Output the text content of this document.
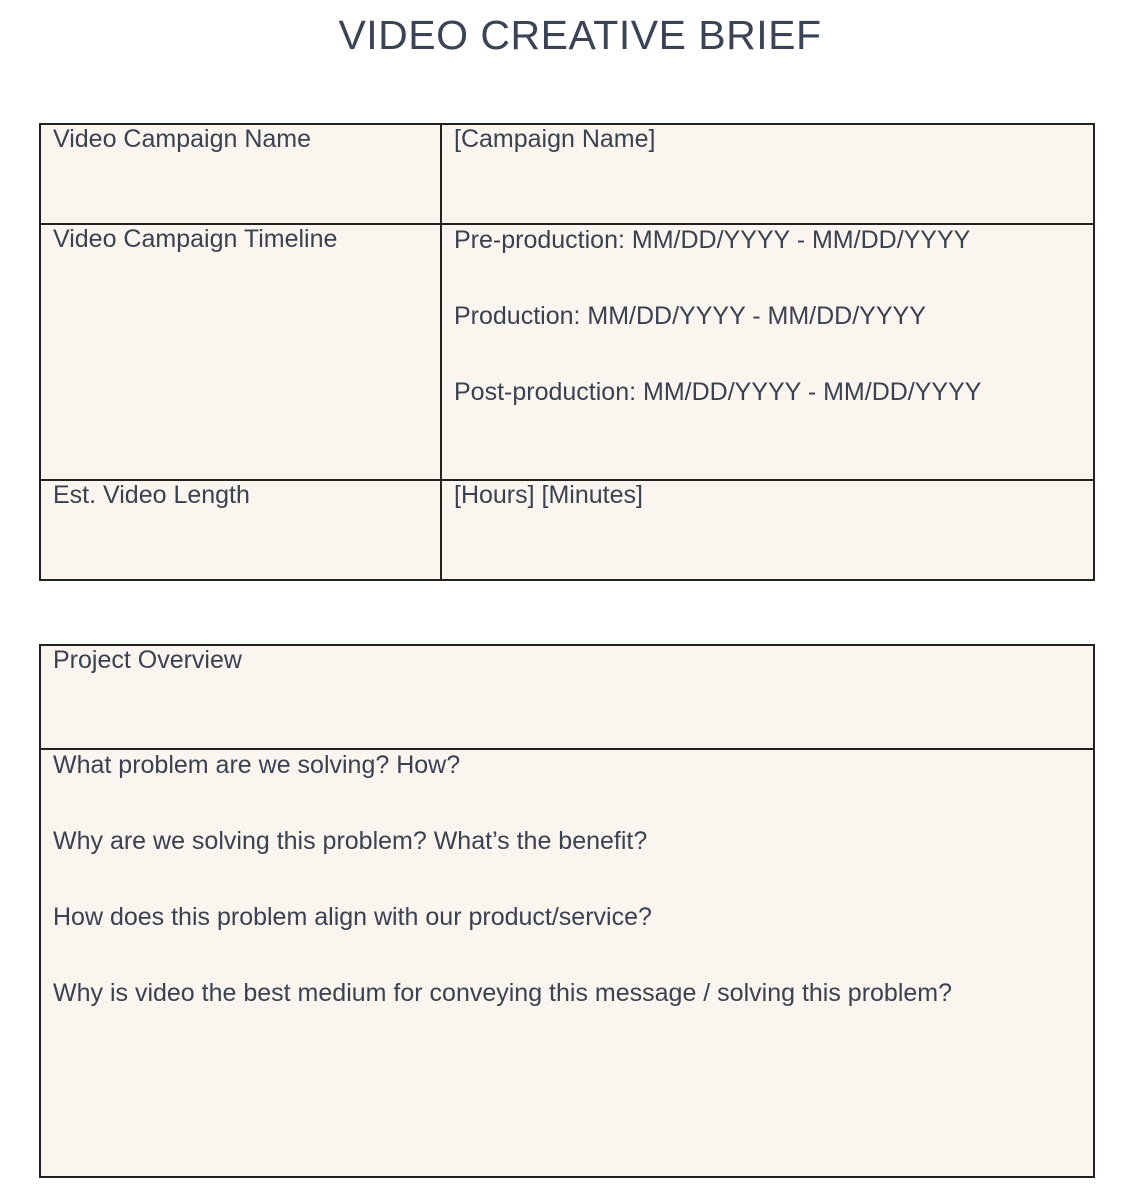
VIDEO CREATIVE BRIEF
Video Campaign Name	[Campaign Name]
Video Campaign Timeline	Pre-production: MM/DD/YYYY - MM/DD/YYYY
Production: MM/DD/YYYY - MM/DD/YYYY
Post-production: MM/DD/YYYY - MM/DD/YYYY

Est. Video Length	[Hours] [Minutes]
Project Overview

What problem are we solving? How?
Why are we solving this problem? What’s the benefit?
How does this problem align with our product/service?
Why is video the best medium for conveying this message / solving this problem?
